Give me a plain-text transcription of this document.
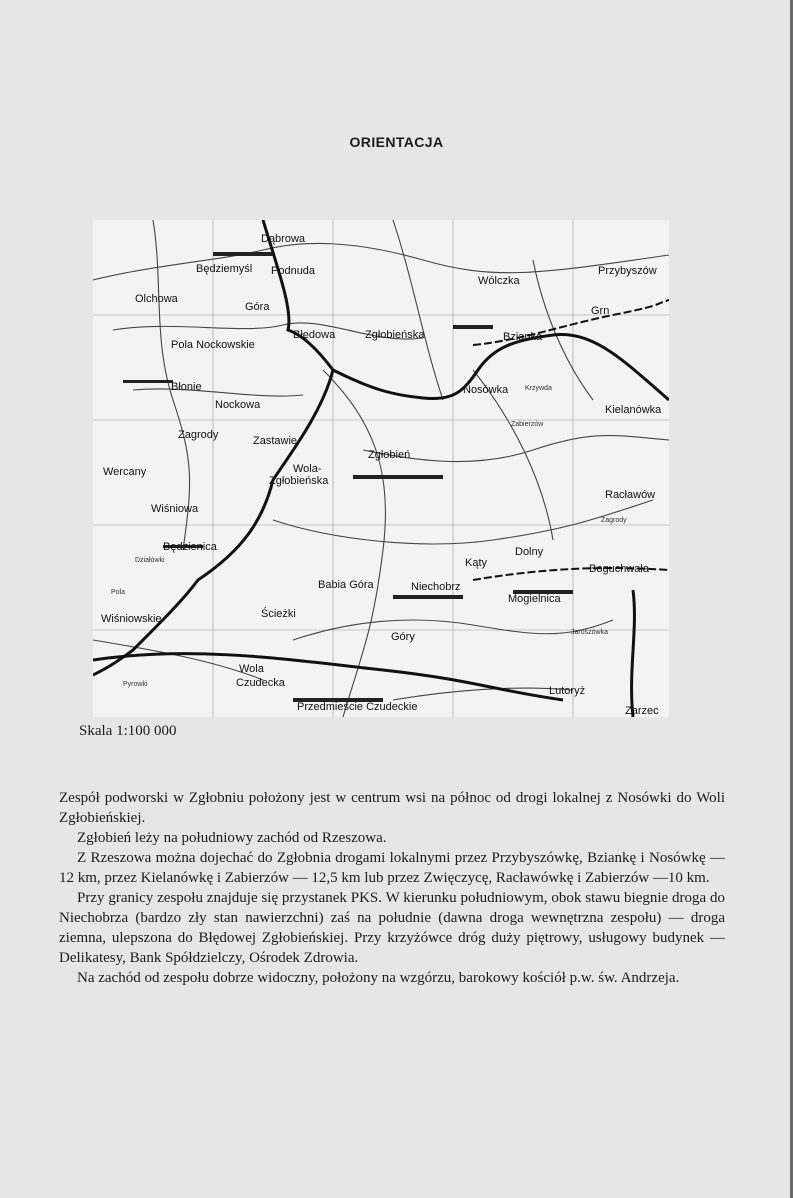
ORIENTACJA
Dąbrowa
Będziemyśl
Olchowa
Góra
Podnuda
Błędowa	Zgłobieńska
Wólczka
Przybyszów
Bzianka
Grn
Pola Nockowskie
Błonie
Nockowa
Zagrody	Zastawie
Nosówka Krzywda
Kielanówka
Zabierzów
Zgłobień
Wola-
Zgłobieńska
Wercany
Wiśniowa
Dolny
Racławów
Będzienica
Działówki
Babia Góra	Niechobrz
Kąty	Boguchwała
Pola
Ścieżki
Mogielnica
Wiśniowskie
Jaroszówka
Wola
Czudecka
Pyrowki
Przedmieście Czudeckie
Lutoryż
Zarzec
Góry
Zagrody
Skala 1:100 000

Zespół podworski w Zgłobniu położony jest w centrum wsi na północ od drogi lokalnej z Nosówki do Woli Zgłobieńskiej.

Zgłobień leży na południowy zachód od Rzeszowa.

Z Rzeszowa można dojechać do Zgłobnia drogami lokalnymi przez Przybyszówkę, Bziankę i Nosówkę — 12 km, przez Kielanówkę i Zabierzów — 12,5 km lub przez Zwięczycę, Racławówkę i Zabierzów —10 km.

Przy granicy zespołu znajduje się przystanek PKS. W kierunku południowym, obok stawu biegnie droga do Niechobrza (bardzo zły stan nawierzchni) zaś na południe (dawna droga wewnętrzna zespołu) — droga ziemna, ulepszona do Błędowej Zgłobieńskiej. Przy krzyżówce dróg duży piętrowy, usługowy budynek — Delikatesy, Bank Spółdzielczy, Ośrodek Zdrowia.

Na zachód od zespołu dobrze widoczny, położony na wzgórzu, barokowy kościół p.w. św. Andrzeja.
